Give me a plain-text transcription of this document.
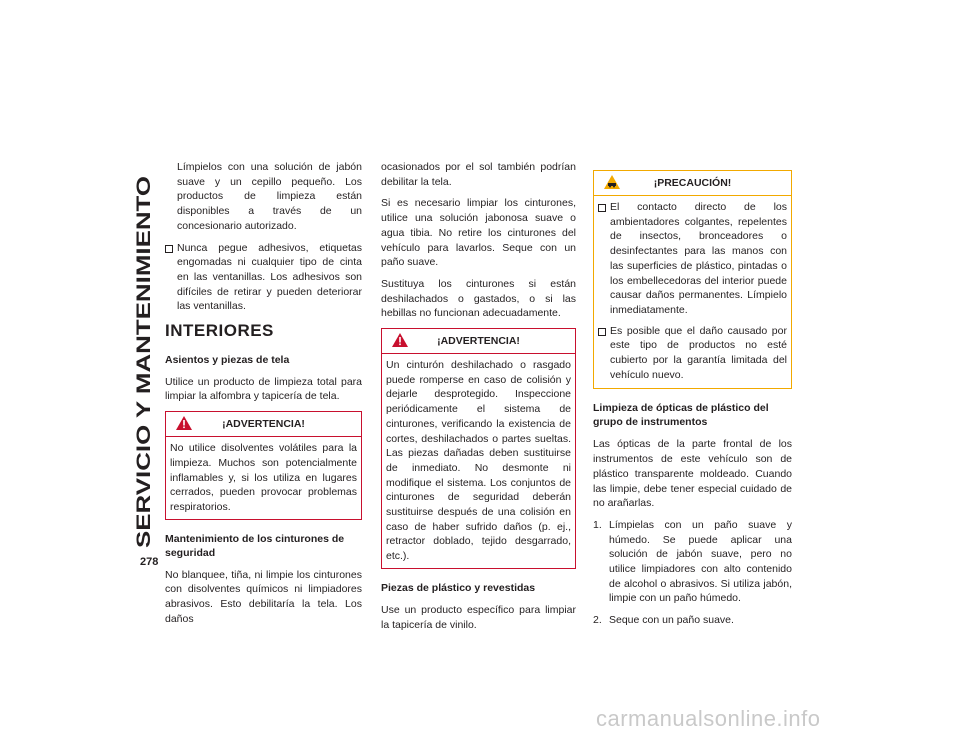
SERVICIO Y MANTENIMIENTO
278

Límpielos con una solución de jabón suave y un cepillo pequeño. Los productos de limpieza están disponibles a través de un concesionario autorizado.

Nunca pegue adhesivos, etiquetas engomadas ni cualquier tipo de cinta en las ventanillas. Los adhesivos son difíciles de retirar y pueden deteriorar las ventanillas.
INTERIORES
Asientos y piezas de tela

Utilice un producto de limpieza total para limpiar la alfombra y tapicería de tela.

¡ADVERTENCIA!

No utilice disolventes volátiles para la limpieza. Muchos son potencialmente inflamables y, si los utiliza en lugares cerrados, pueden provocar problemas respiratorios.

Mantenimiento de los cinturones de seguridad

No blanquee, tiña, ni limpie los cinturones con disolventes químicos ni limpiadores abrasivos. Esto debilitaría la tela. Los daños

ocasionados por el sol también podrían debilitar la tela.

Si es necesario limpiar los cinturones, utilice una solución jabonosa suave o agua tibia. No retire los cinturones del vehículo para lavarlos. Seque con un paño suave.

Sustituya los cinturones si están deshilachados o gastados, o si las hebillas no funcionan adecuadamente.

¡ADVERTENCIA!

Un cinturón deshilachado o rasgado puede romperse en caso de colisión y dejarle desprotegido. Inspeccione periódicamente el sistema de cinturones, verificando la existencia de cortes, deshilachados o partes sueltas. Las piezas dañadas deben sustituirse de inmediato. No desmonte ni modifique el sistema. Los conjuntos de cinturones de seguridad deberán sustituirse después de una colisión en caso de haber sufrido daños (p. ej., retractor doblado, tejido desgarrado, etc.).

Piezas de plástico y revestidas

Use un producto específico para limpiar la tapicería de vinilo.

¡PRECAUCIÓN!
El contacto directo de los ambientadores colgantes, repelentes de insectos, bronceadores o desinfectantes para las manos con las superficies de plástico, pintadas o los embellecedoras del interior puede causar daños permanentes. Límpielo inmediatamente.
Es posible que el daño causado por este tipo de productos no esté cubierto por la garantía limitada del vehículo nuevo.
Limpieza de ópticas de plástico del grupo de instrumentos

Las ópticas de la parte frontal de los instrumentos de este vehículo son de plástico transparente moldeado. Cuando las limpie, debe tener especial cuidado de no arañarlas.

1. Límpielas con un paño suave y húmedo. Se puede aplicar una solución de jabón suave, pero no utilice limpiadores con alto contenido de alcohol o abrasivos. Si utiliza jabón, limpie con un paño húmedo.
2. Seque con un paño suave.
carmanualsonline.info
